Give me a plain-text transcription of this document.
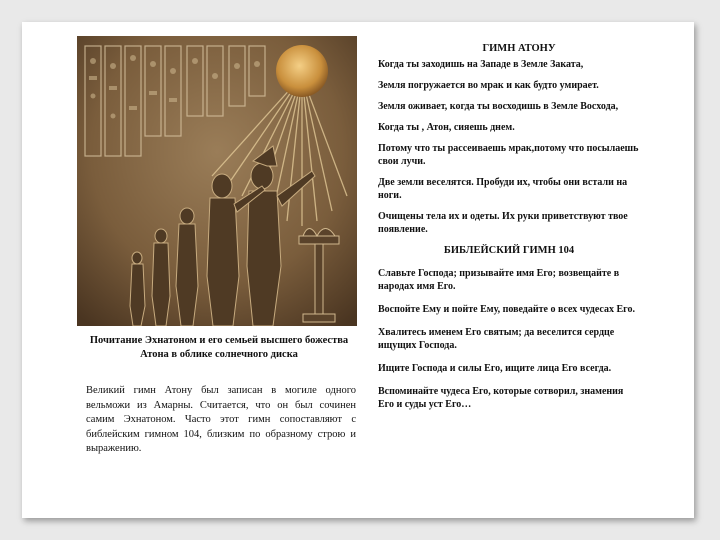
Почитание Эхнатоном и его семьей высшего божества Атона в облике солнечного диска
Великий гимн Атону был записан в могиле одного вельможи из Амарны. Считается, что он был сочинен самим Эхнатоном. Часто этот гимн сопоставляют с библейским гимном 104, близким по образному строю и выражению.
ГИМН АТОНУ

Когда ты заходишь на Западе в Земле Заката,

Земля погружается во мрак и как будто умирает.

Земля оживает, когда ты восходишь в Земле Восхода,

Когда ты , Атон, сияешь днем.

Потому что ты рассеиваешь мрак,потому что посылаешь свои лучи.

Две земли веселятся. Пробуди их, чтобы они встали на ноги.

Очищены тела их и одеты. Их руки приветствуют твое появление.

БИБЛЕЙСКИЙ ГИМН 104

Славьте Господа; призывайте имя Его; возвещайте в народах имя Его.

Воспойте Ему и пойте Ему, поведайте о всех чудесах Его.

Хвалитесь именем Его святым; да веселится сердце ищущих Господа.

Ищите Господа и силы Его, ищите лица Его всегда.

Вспоминайте чудеса Его, которые сотворил, знамения Его и суды уст Его…
